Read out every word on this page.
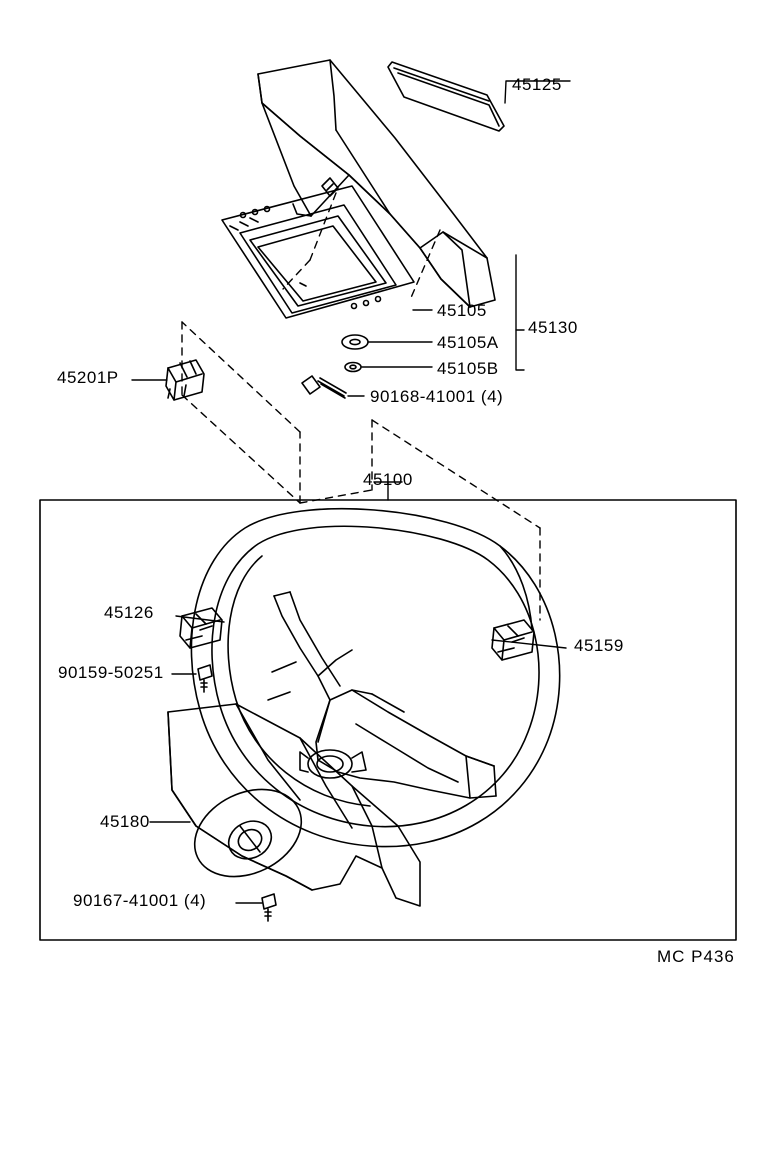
45125
45105
45105A
45105B
45130
90168-41001 (4)
45201P
45100
45126
45159
90159-50251
45180
90167-41001 (4)
MC P436
